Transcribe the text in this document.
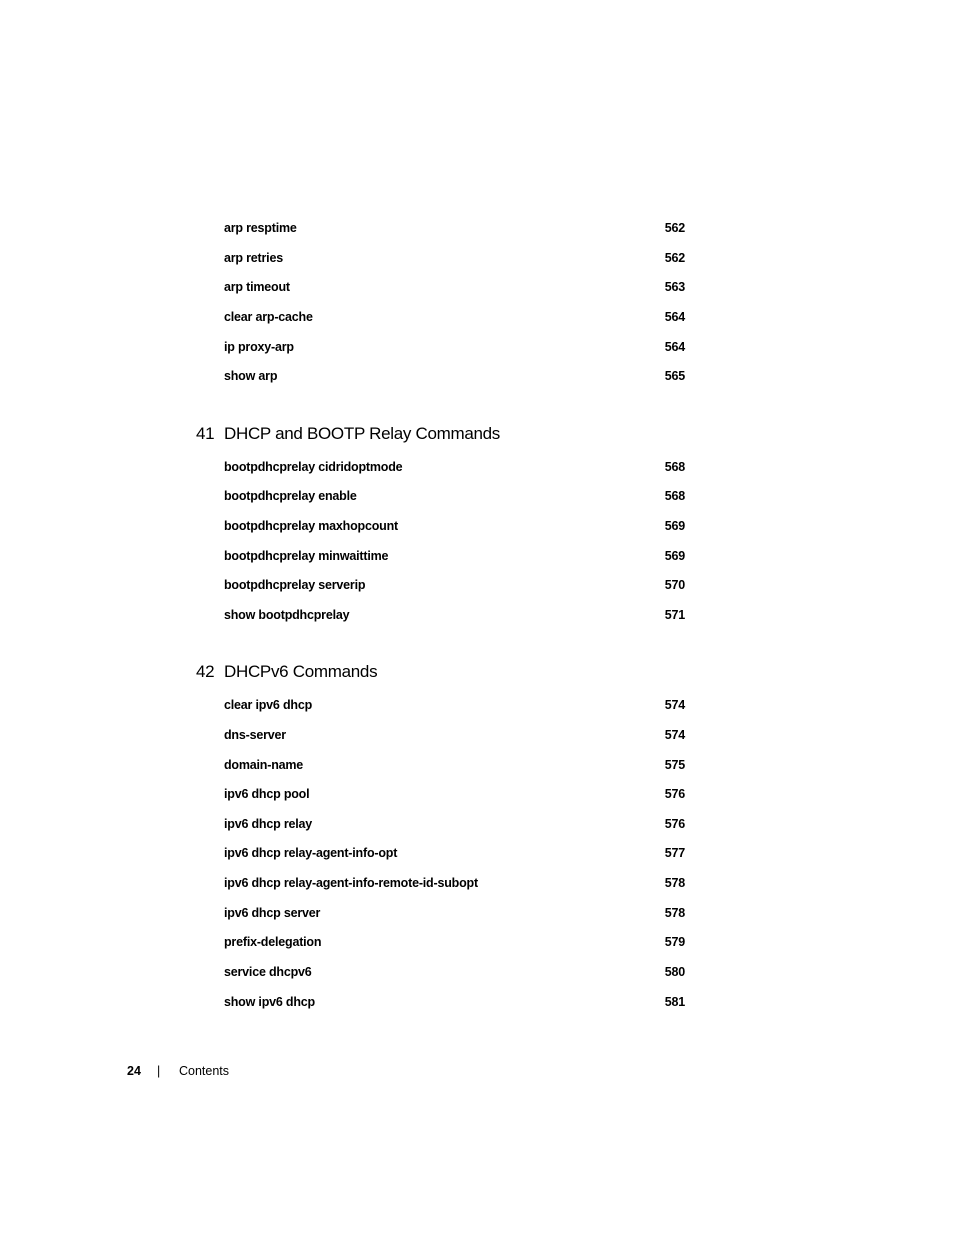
arp resptime	562
arp retries	562
arp timeout	563
clear arp-cache	564
ip proxy-arp	564
show arp	565
41 DHCP and BOOTP Relay Commands
bootpdhcprelay cidridoptmode	568
bootpdhcprelay enable	568
bootpdhcprelay maxhopcount	569
bootpdhcprelay minwaittime	569
bootpdhcprelay serverip	570
show bootpdhcprelay	571
42 DHCPv6 Commands
clear ipv6 dhcp	574
dns-server	574
domain-name	575
ipv6 dhcp pool	576
ipv6 dhcp relay	576
ipv6 dhcp relay-agent-info-opt	577
ipv6 dhcp relay-agent-info-remote-id-subopt	578
ipv6 dhcp server	578
prefix-delegation	579
service dhcpv6	580
show ipv6 dhcp	581
24 | Contents
